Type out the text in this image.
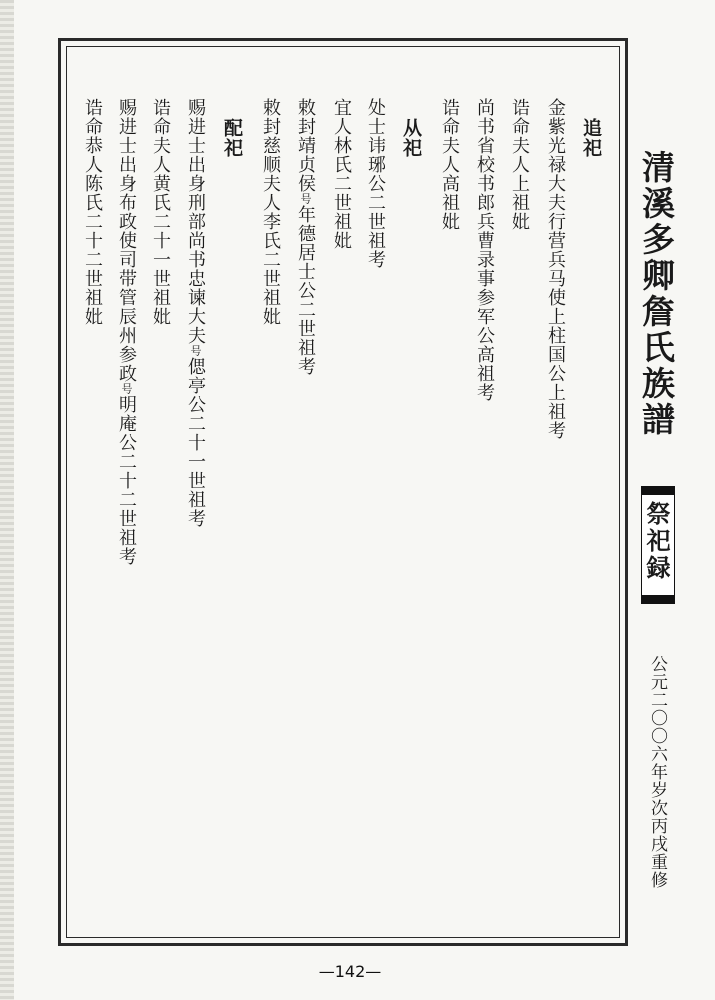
追祀
金紫光禄大夫行营兵马使上柱国公上祖考
诰命夫人上祖妣
尚书省校书郎兵曹录事参军公高祖考
诰命夫人高祖妣
从祀
处士讳琊公二世祖考
宜人林氏二世祖妣
敕封靖贞侯号年德居士公二世祖考
敕封慈顺夫人李氏二世祖妣
配祀
赐进士出身刑部尚书忠谏大夫号偲亭公二十一世祖考
诰命夫人黄氏二十一世祖妣
赐进士出身布政使司带管辰州参政号明庵公二十二世祖考
诰命恭人陈氏二十二世祖妣	清溪多卿詹氏族譜
祭祀録
公元二〇〇六年岁次丙戌重修
—142—
